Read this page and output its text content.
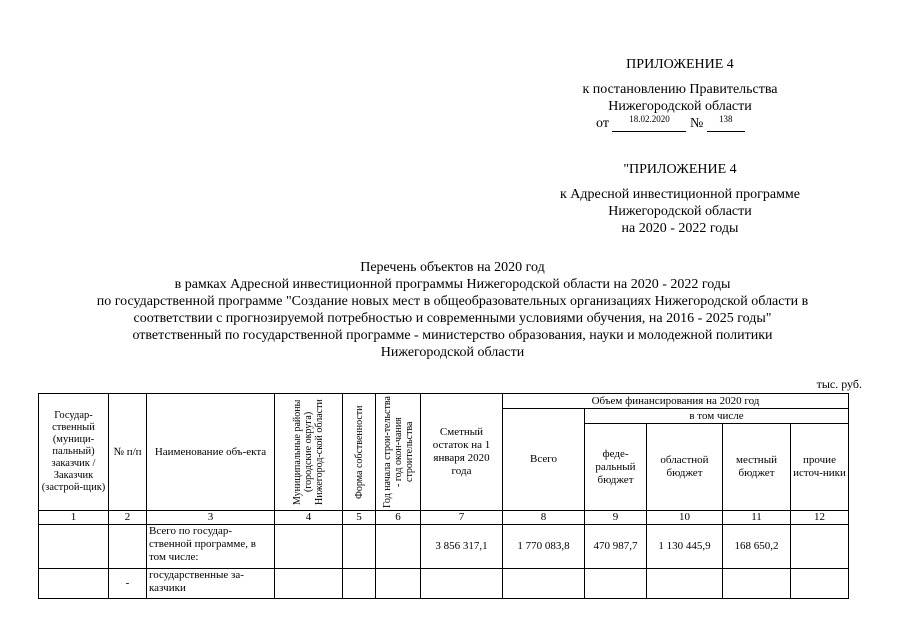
ПРИЛОЖЕНИЕ 4
к постановлению Правительства
Нижегородской области
от	18.02.2020	№	138
"ПРИЛОЖЕНИЕ 4
к Адресной инвестиционной программе
Нижегородской области
на 2020 - 2022 годы
Перечень объектов на 2020 год
в рамках Адресной инвестиционной программы Нижегородской области на 2020 - 2022 годы
по государственной программе "Создание новых мест в общеобразовательных организациях Нижегородской области в
соответствии с прогнозируемой потребностью и современными условиями обучения, на 2016 - 2025 годы"
ответственный по государственной программе - министерство образования, науки и молодежной политики
Нижегородской области
тыс. руб.
Государ-ственный (муници-пальный) заказчик / Заказчик (застрой-щик)	№ п/п	Наименование объ-екта	Муниципальные районы (городские округа) Нижегород-ской области	Форма собственности	Год начала строи-тельства - год окон-чания строительства	Сметный остаток на 1 января 2020 года	Объем финансирования на 2020 год				
							Всего	в том числе			
								феде-ральный бюджет	областной бюджет	местный бюджет	прочие источ-ники
1	2	3	4	5	6	7	8	9	10	11	12
		Всего по государ-ственной программе, в том числе:				3 856 317,1	1 770 083,8	470 987,7	1 130 445,9	168 650,2	
	-	государственные за-казчики									
